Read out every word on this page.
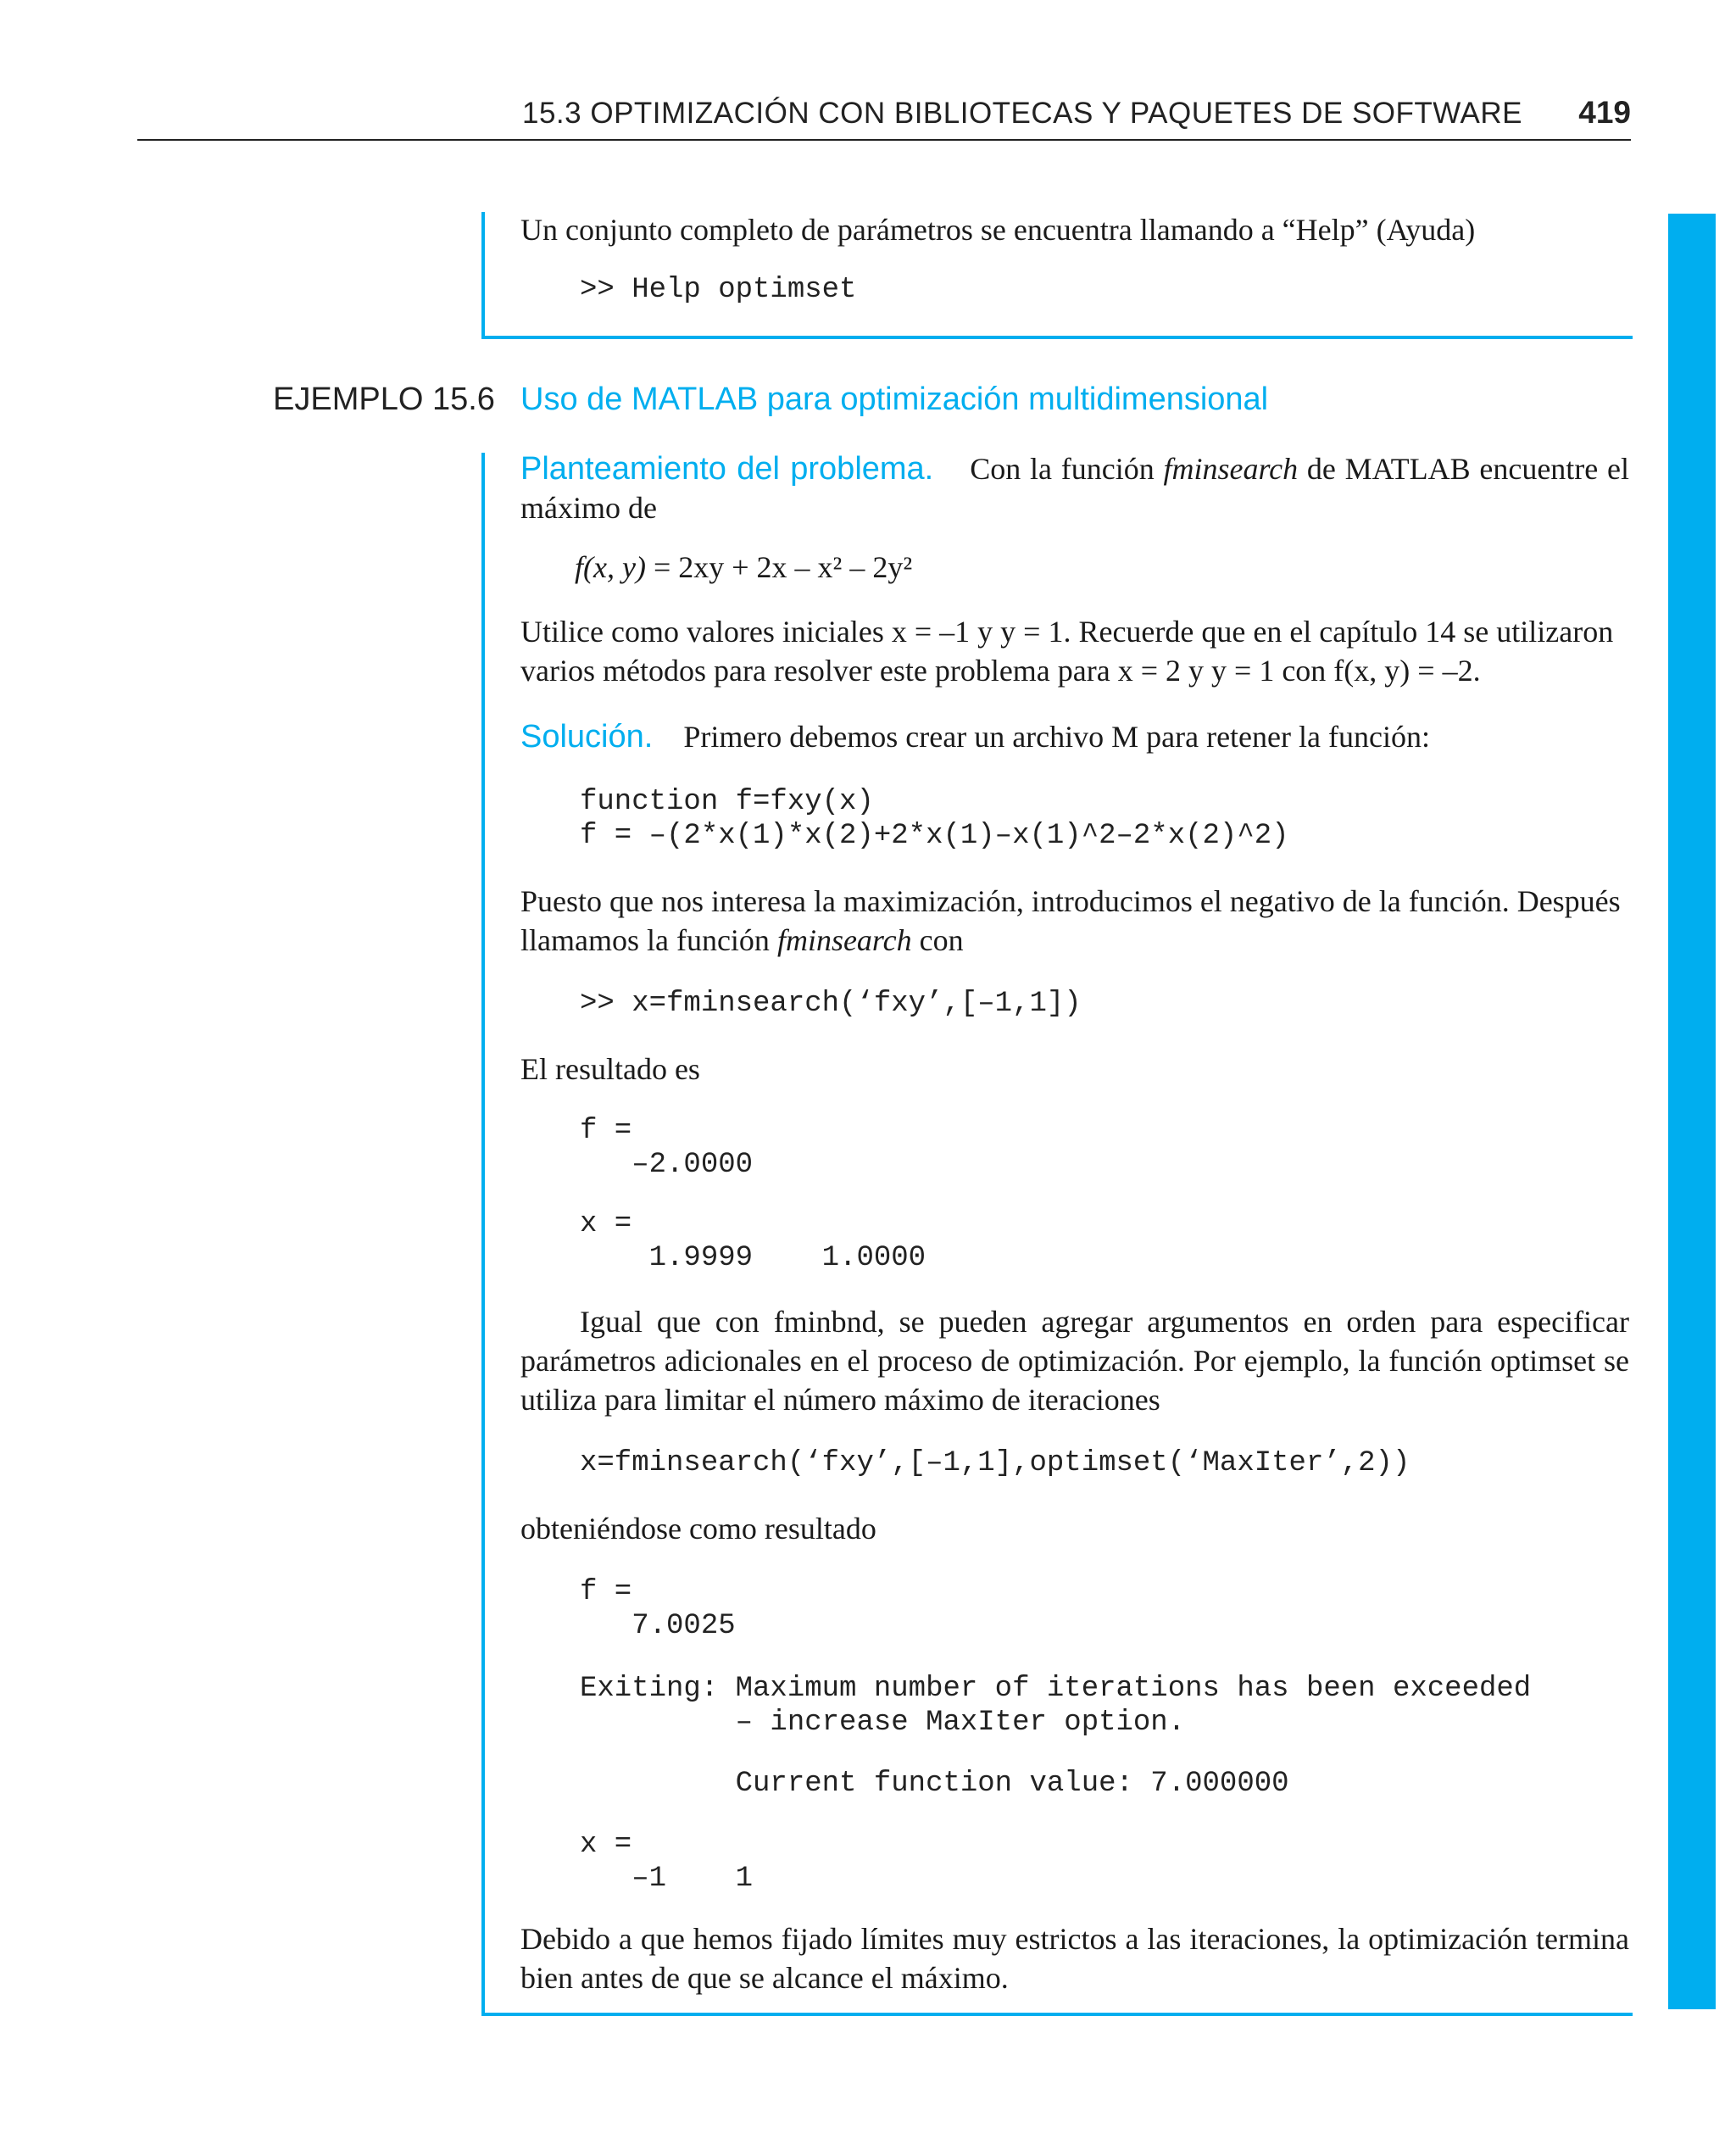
15.3 OPTIMIZACIÓN CON BIBLIOTECAS Y PAQUETES DE SOFTWARE 419

Un conjunto completo de parámetros se encuentra llamando a “Help” (Ayuda)

>> Help optimset
EJEMPLO 15.6 Uso de MATLAB para optimización multidimensional

Planteamiento del problema. Con la función fminsearch de MATLAB encuentre el máximo de

f(x, y) = 2xy + 2x – x² – 2y²

Utilice como valores iniciales x = –1 y y = 1. Recuerde que en el capítulo 14 se utilizaron

varios métodos para resolver este problema para x = 2 y y = 1 con f(x, y) = –2.

Solución. Primero debemos crear un archivo M para retener la función:

function f=fxy(x)
f = –(2*x(1)*x(2)+2*x(1)–x(1)^2–2*x(2)^2)

Puesto que nos interesa la maximización, introducimos el negativo de la función. Después

llamamos la función fminsearch con

>> x=fminsearch(‘fxy’,[–1,1])

El resultado es

f =
–2.0000
x =
1.9999    1.0000

Igual que con fminbnd, se pueden agregar argumentos en orden para especificar parámetros adicionales en el proceso de optimización. Por ejemplo, la función optimset se utiliza para limitar el número máximo de iteraciones

x=fminsearch(‘fxy’,[–1,1],optimset(‘MaxIter’,2))

obteniéndose como resultado

f =
7.0025
Exiting: Maximum number of iterations has been exceeded
– increase MaxIter option.
Current function value: 7.000000
x =
–1    1

Debido a que hemos fijado límites muy estrictos a las iteraciones, la optimización termina bien antes de que se alcance el máximo.
